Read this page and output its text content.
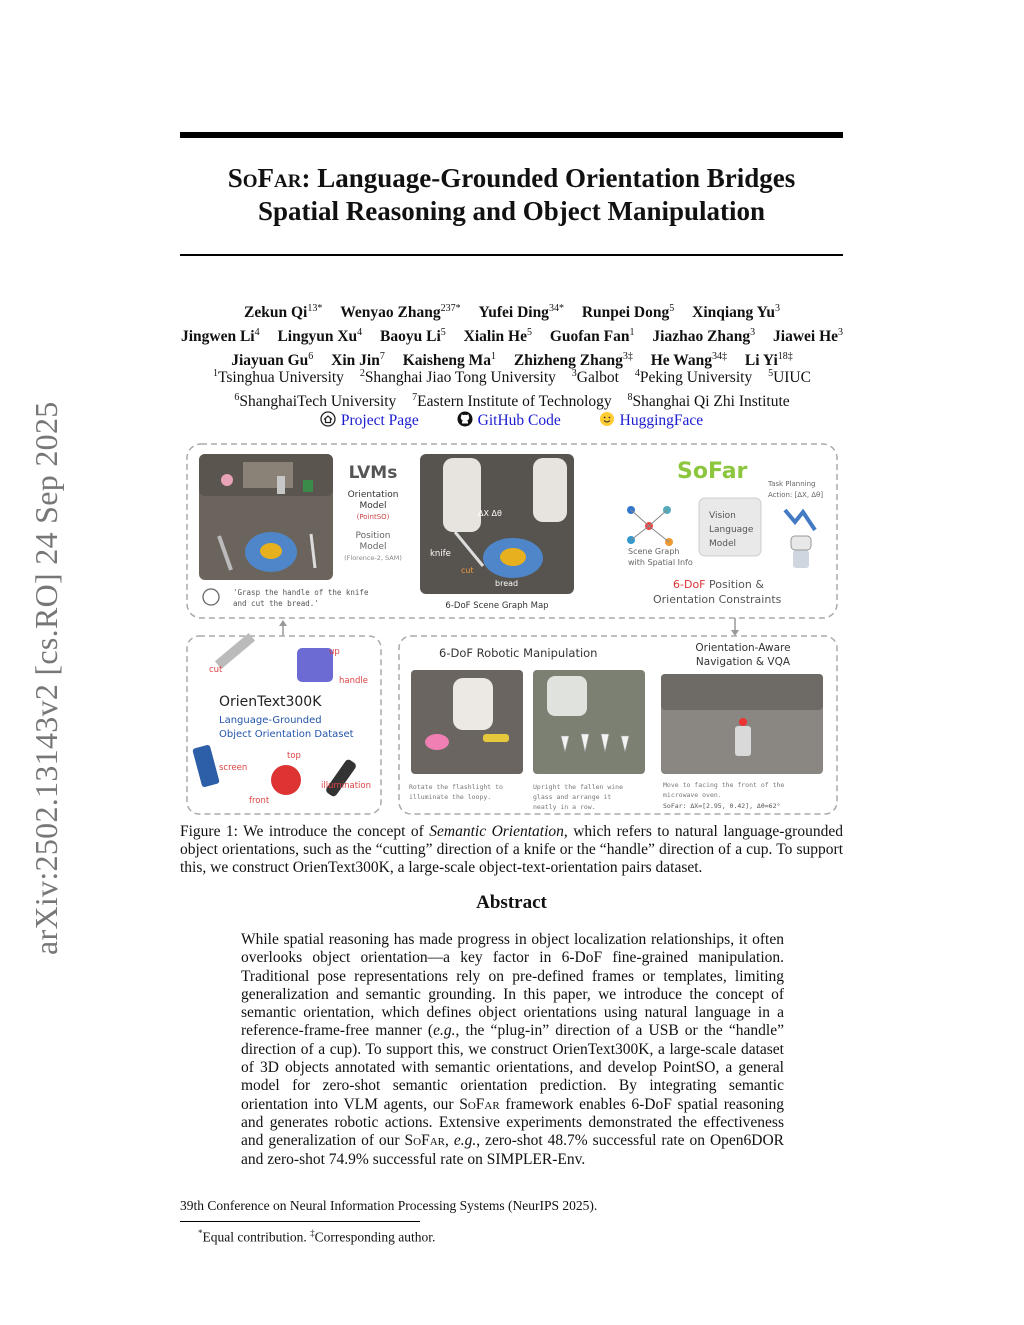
arXiv:2502.13143v2 [cs.RO] 24 Sep 2025
SoFar: Language-Grounded Orientation Bridges
Spatial Reasoning and Object Manipulation
Zekun $Qi^{13*}$ Wenyao Zhang$^{237*}$ Yufei Ding$^{34*}$ Runpei Dong$^5$ Xinqiang Yu$^3$
Jingwen Li$^4$ Lingyun Xu$^4$ Baoyu Li$^5$ Xialin He$^5$ Guofan Fan$^1$ Jiazhao Zhang$^3$ Jiawei He$^3$
Jiayuan Gu$^6$ Xin Jin$^7$ Kaisheng Ma$^1$ Zhizheng Zhang$^{3\ddagger}$ He Wang$^{34\ddagger}$ Li $Yi^{18\ddagger}$
$^1$Tsinghua University $^2$Shanghai Jiao Tong University $^3$Galbot $^4$Peking University $^5$UIUC
$^6$ShanghaiTech University $^7$Eastern Institute of Technology $^8$Shanghai Qi Zhi Institute
Project Page	GitHub Code	HuggingFace
'Grasp the handle of the knife
and cut the bread.'
LVMs
Orientation
Model
(PointSO)
Position
Model
(Florence-2, SAM)	knife
cut
bread
ΔX Δθ
6-DoF Scene Graph Map
SoFar	Task Planning
Action: [ΔX, Δθ]
Vision
Language
Model
Scene Graph
with Spatial Info
6-DoF Position &
Orientation Constraints
cut
up
handle
OrienText300K
Language-Grounded
Object Orientation Dataset
screen
top
front
illumination
6-DoF Robotic Manipulation	Orientation-Aware
Navigation & VQA
Rotate the flashlight to
illuminate the loopy.
Upright the fallen wine
glass and arrange it
neatly in a row.
Move to facing the front of the
microwave oven.
SoFar: ΔX=[2.95, 0.42], Δθ=62°
Figure 1: We introduce the concept of Semantic Orientation, which refers to natural language-grounded object orientations, such as the “cutting” direction of a knife or the “handle” direction of a cup. To support this, we construct OrienText300K, a large-scale object-text-orientation pairs dataset.
Abstract
While spatial reasoning has made progress in object localization relationships, it often overlooks object orientation—a key factor in 6-DoF fine-grained manipulation. Traditional pose representations rely on pre-defined frames or templates, limiting generalization and semantic grounding. In this paper, we introduce the concept of semantic orientation, which defines object orientations using natural language in a reference-frame-free manner (e.g., the “plug-in” direction of a USB or the “handle” direction of a cup). To support this, we construct OrienText300K, a large-scale dataset of 3D objects annotated with semantic orientations, and develop PointSO, a general model for zero-shot semantic orientation prediction. By integrating semantic orientation into VLM agents, our SoFar framework enables 6-DoF spatial reasoning and generates robotic actions. Extensive experiments demonstrated the effectiveness and generalization of our SoFar, e.g., zero-shot 48.7% successful rate on Open6DOR and zero-shot 74.9% successful rate on SIMPLER-Env.
39th Conference on Neural Information Processing Systems (NeurIPS 2025).
*Equal contribution. ‡Corresponding author.
